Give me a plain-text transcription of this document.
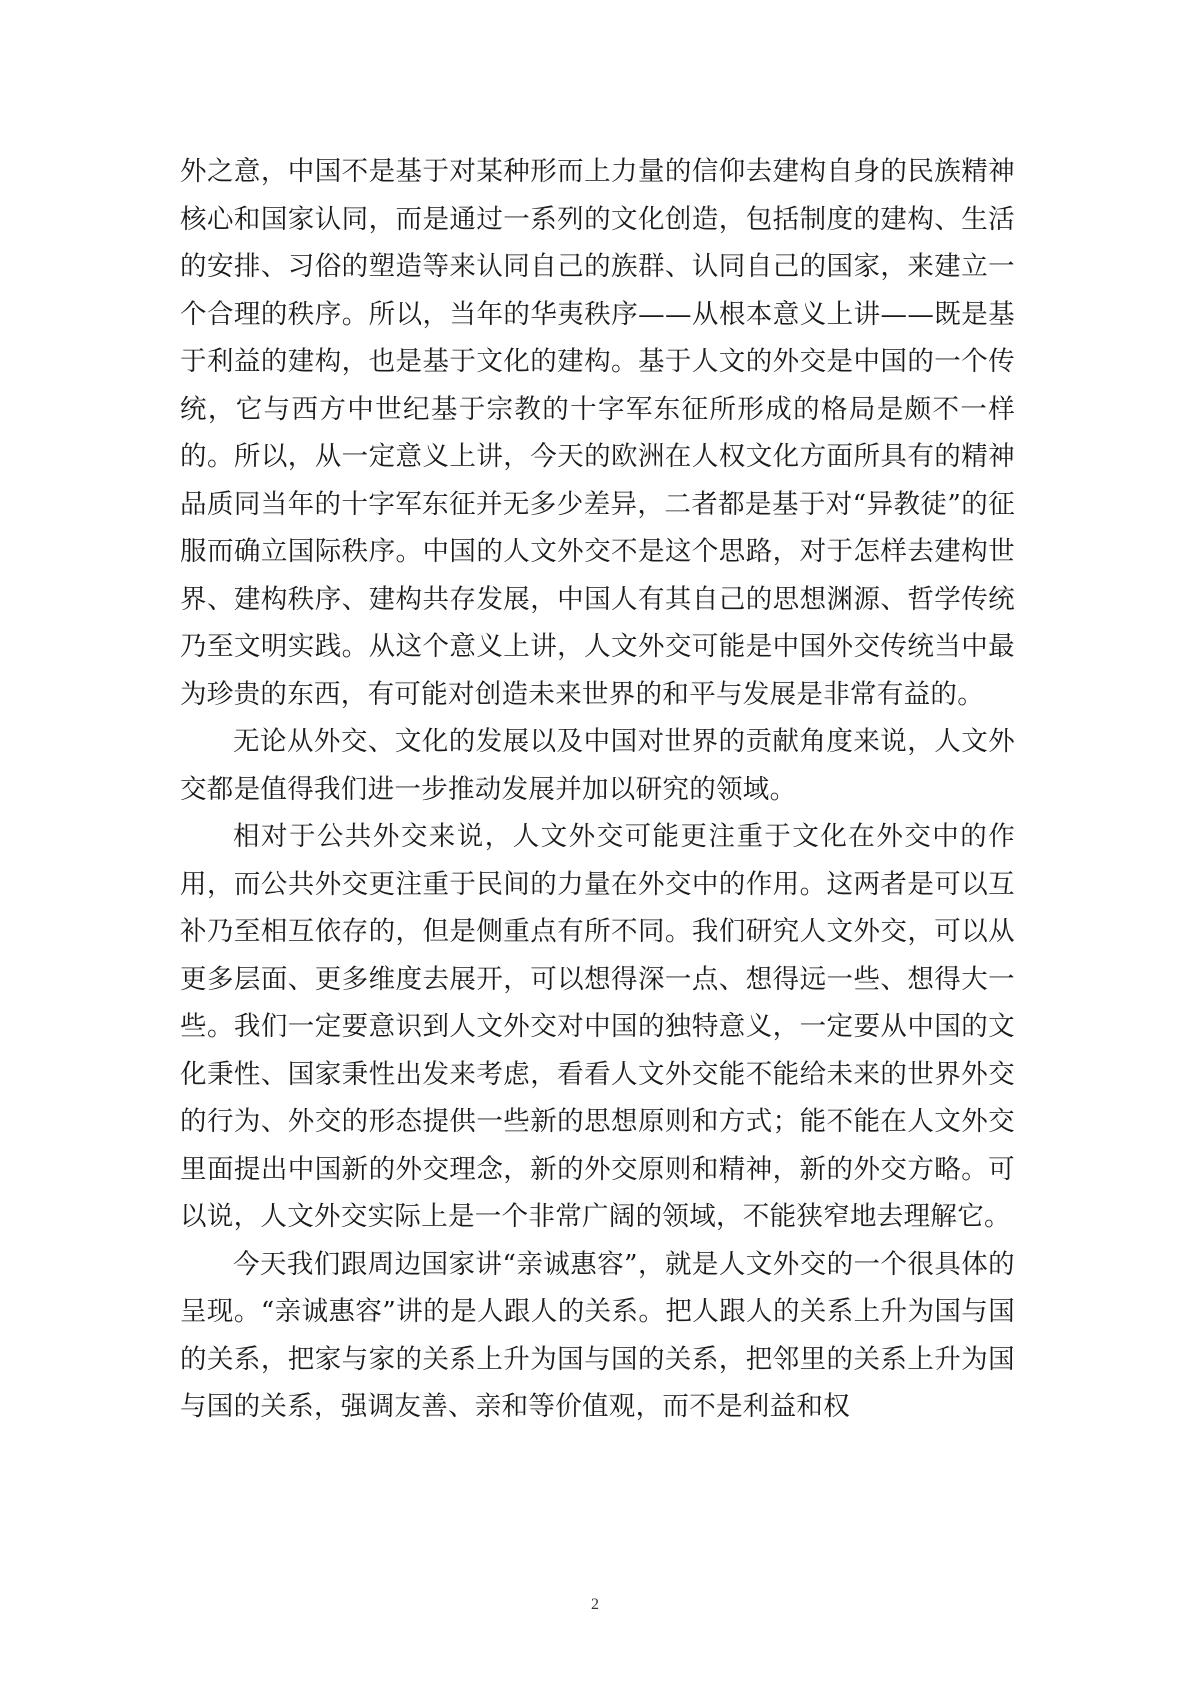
外之意，中国不是基于对某种形而上力量的信仰去建构自身的民族精神核心和国家认同，而是通过一系列的文化创造，包括制度的建构、生活的安排、习俗的塑造等来认同自己的族群、认同自己的国家，来建立一个合理的秩序。所以，当年的华夷秩序——从根本意义上讲——既是基于利益的建构，也是基于文化的建构。基于人文的外交是中国的一个传统，它与西方中世纪基于宗教的十字军东征所形成的格局是颇不一样的。所以，从一定意义上讲，今天的欧洲在人权文化方面所具有的精神品质同当年的十字军东征并无多少差异，二者都是基于对“异教徒”的征服而确立国际秩序。中国的人文外交不是这个思路，对于怎样去建构世界、建构秩序、建构共存发展，中国人有其自己的思想渊源、哲学传统乃至文明实践。从这个意义上讲，人文外交可能是中国外交传统当中最为珍贵的东西，有可能对创造未来世界的和平与发展是非常有益的。

无论从外交、文化的发展以及中国对世界的贡献角度来说，人文外交都是值得我们进一步推动发展并加以研究的领域。

相对于公共外交来说，人文外交可能更注重于文化在外交中的作用，而公共外交更注重于民间的力量在外交中的作用。这两者是可以互补乃至相互依存的，但是侧重点有所不同。我们研究人文外交，可以从更多层面、更多维度去展开，可以想得深一点、想得远一些、想得大一些。我们一定要意识到人文外交对中国的独特意义，一定要从中国的文化秉性、国家秉性出发来考虑，看看人文外交能不能给未来的世界外交的行为、外交的形态提供一些新的思想原则和方式；能不能在人文外交里面提出中国新的外交理念，新的外交原则和精神，新的外交方略。可以说，人文外交实际上是一个非常广阔的领域，不能狭窄地去理解它。

今天我们跟周边国家讲“亲诚惠容”，就是人文外交的一个很具体的呈现。“亲诚惠容”讲的是人跟人的关系。把人跟人的关系上升为国与国的关系，把家与家的关系上升为国与国的关系，把邻里的关系上升为国与国的关系，强调友善、亲和等价值观，而不是利益和权

2
